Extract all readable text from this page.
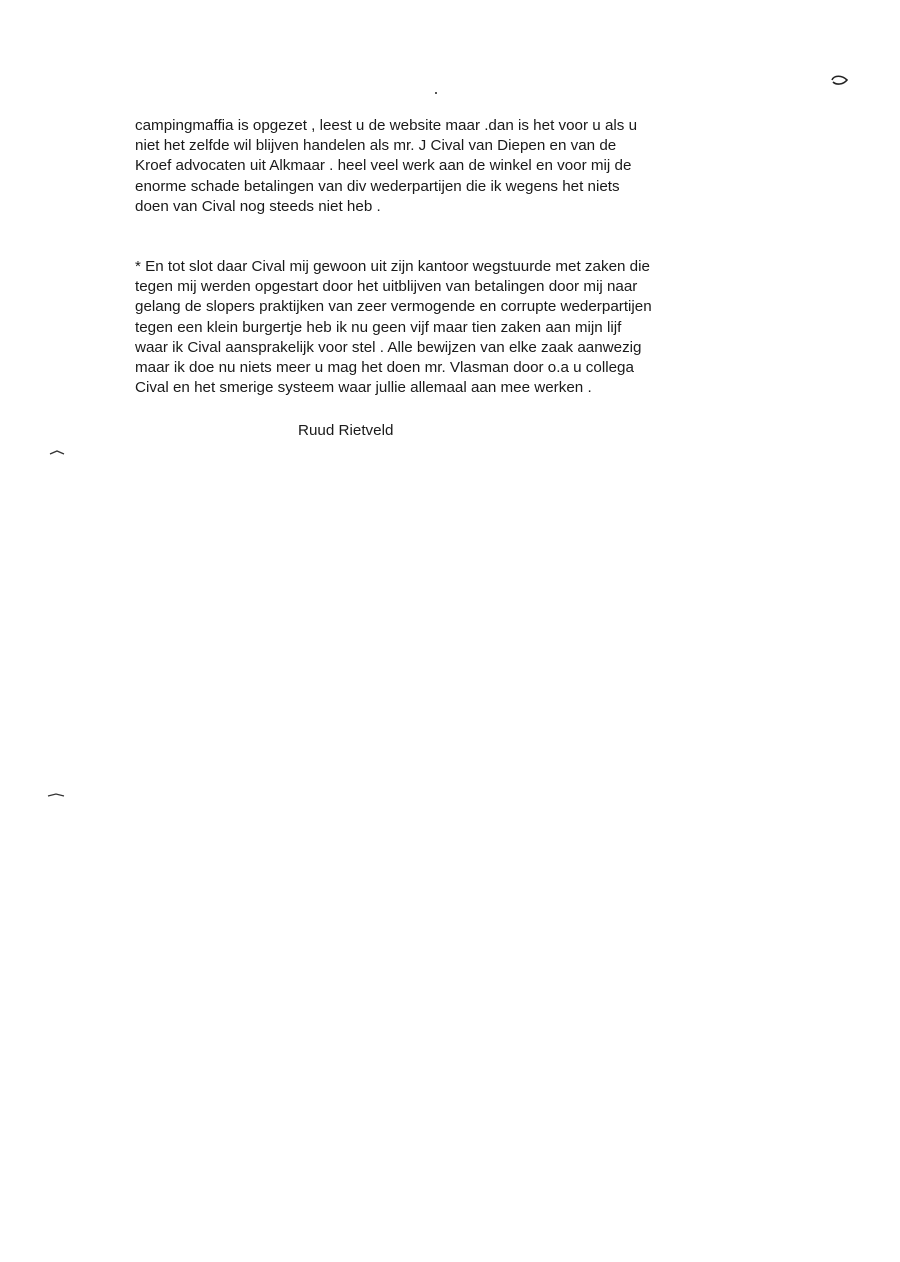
campingmaffia is opgezet , leest u de website maar .dan is het voor u als u
niet het zelfde wil blijven handelen als mr. J Cival van Diepen en van de
Kroef advocaten uit Alkmaar . heel veel werk aan de winkel en voor mij de
enorme schade betalingen van div wederpartijen die ik wegens het niets
doen van Cival nog steeds niet heb .
* En tot slot daar Cival mij gewoon uit zijn kantoor wegstuurde met zaken die
tegen mij werden opgestart door het uitblijven van betalingen door mij naar
gelang de slopers praktijken van zeer vermogende en corrupte wederpartijen
tegen een klein burgertje heb ik nu geen vijf maar tien zaken aan mijn lijf
waar ik Cival aansprakelijk voor stel . Alle bewijzen van elke zaak aanwezig
maar ik doe nu niets meer u mag het doen mr. Vlasman door o.a u collega
Cival en het smerige systeem waar jullie allemaal aan mee werken .
Ruud Rietveld
